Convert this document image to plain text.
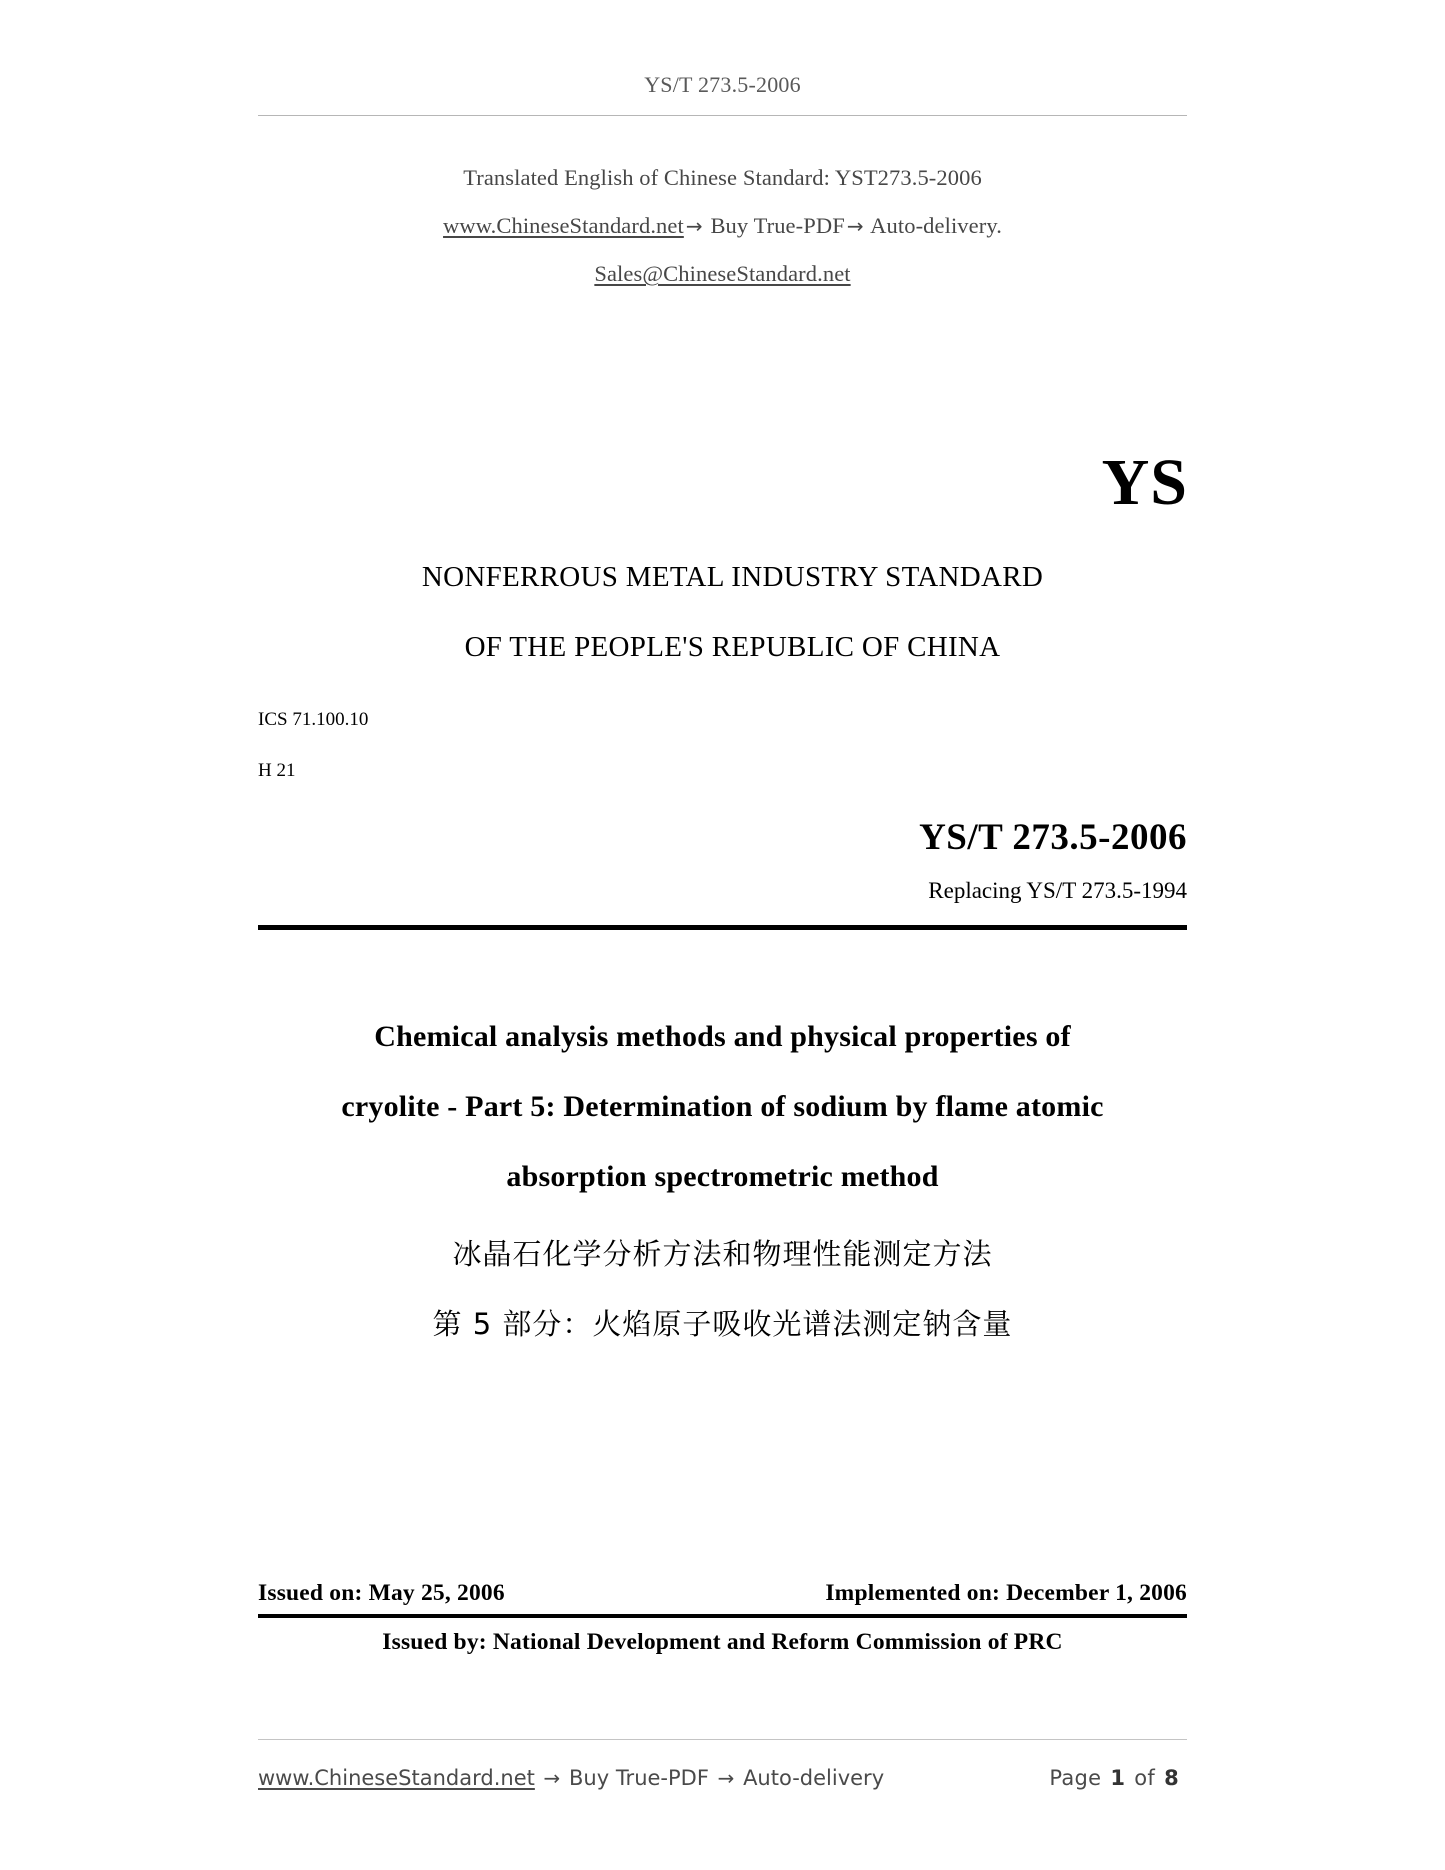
YS/T 273.5-2006
Translated English of Chinese Standard: YST273.5-2006
www.ChineseStandard.net → Buy True-PDF → Auto-delivery.
Sales@ChineseStandard.net
YS
NONFERROUS METAL INDUSTRY STANDARD
OF THE PEOPLE'S REPUBLIC OF CHINA
ICS 71.100.10
H 21
YS/T 273.5-2006
Replacing YS/T 273.5-1994
Chemical analysis methods and physical properties of
cryolite - Part 5: Determination of sodium by flame atomic
absorption spectrometric method
冰晶石化学分析方法和物理性能测定方法
第 5 部分：火焰原子吸收光谱法测定钠含量
Issued on: May 25, 2006	Implemented on: December 1, 2006
Issued by: National Development and Reform Commission of PRC
www.ChineseStandard.net → Buy True-PDF → Auto-delivery	Page 1 of 8
